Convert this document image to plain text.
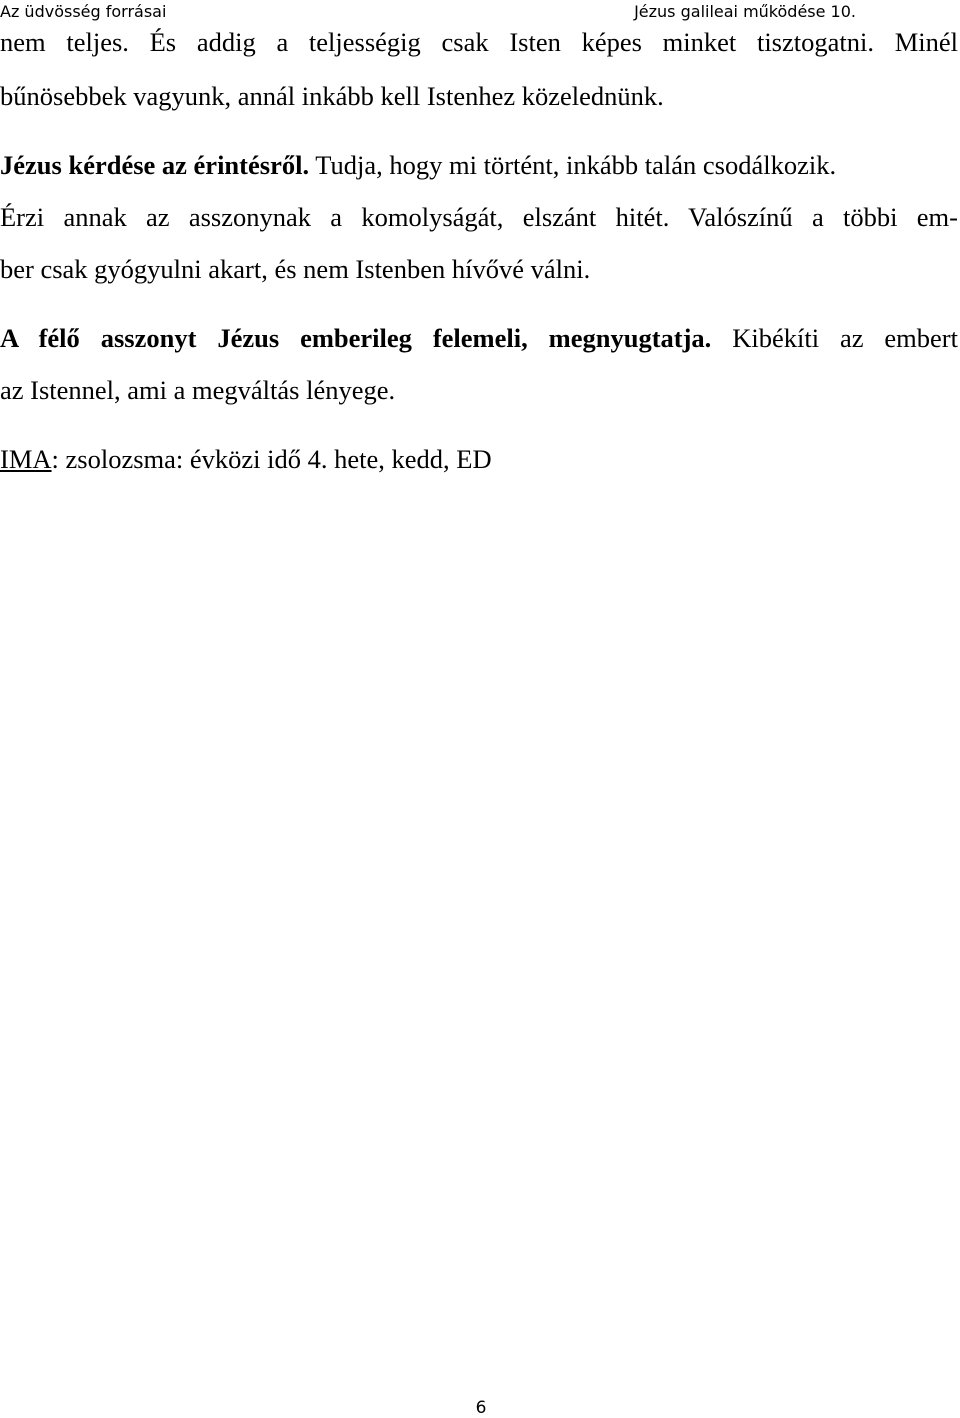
Az üdvösség forrásai	Jézus galileai működése 10.
nem teljes. És addig a teljességig csak Isten képes minket tisztogatni. Minél
bűnösebbek vagyunk, annál inkább kell Istenhez közelednünk.
Jézus kérdése az érintésről. Tudja, hogy mi történt, inkább talán csodálkozik.
Érzi annak az asszonynak a komolyságát, elszánt hitét. Valószínű a többi em-
ber csak gyógyulni akart, és nem Istenben hívővé válni.
A félő asszonyt Jézus emberileg felemeli, megnyugtatja. Kibékíti az embert
az Istennel, ami a megváltás lényege.
IMA: zsolozsma: évközi idő 4. hete, kedd, ED
6
